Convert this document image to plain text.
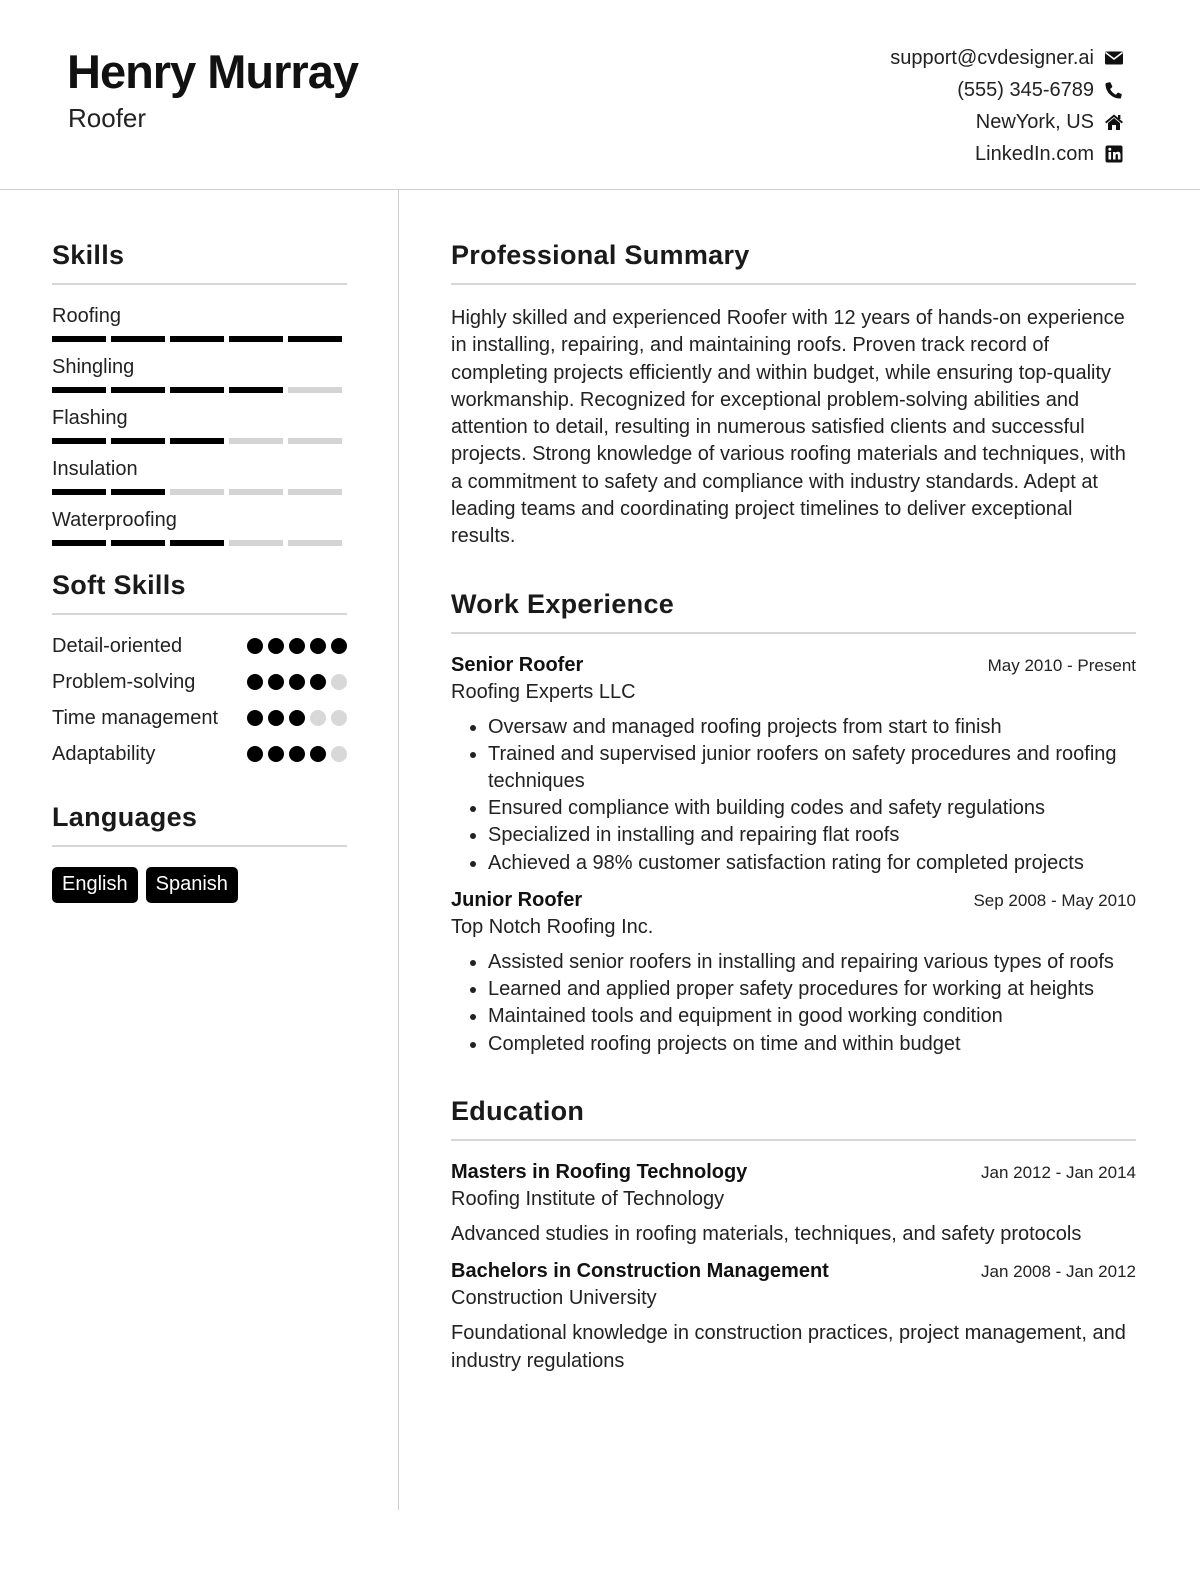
Henry Murray
Roofer
support@cvdesigner.ai
(555) 345-6789
NewYork, US
LinkedIn.com
Skills
Roofing
Shingling
Flashing
Insulation
Waterproofing
Soft Skills
Detail-oriented
Problem-solving
Time management
Adaptability
Languages
English	Spanish
Professional Summary

Highly skilled and experienced Roofer with 12 years of hands-on experience in installing, repairing, and maintaining roofs. Proven track record of completing projects efficiently and within budget, while ensuring top-quality workmanship. Recognized for exceptional problem-solving abilities and attention to detail, resulting in numerous satisfied clients and successful projects. Strong knowledge of various roofing materials and techniques, with a commitment to safety and compliance with industry standards. Adept at leading teams and coordinating project timelines to deliver exceptional results.

Work Experience
Senior Roofer	May 2010 - Present
Roofing Experts LLC
• Oversaw and managed roofing projects from start to finish
• Trained and supervised junior roofers on safety procedures and roofing techniques
• Ensured compliance with building codes and safety regulations
• Specialized in installing and repairing flat roofs
• Achieved a 98% customer satisfaction rating for completed projects
Junior Roofer	Sep 2008 - May 2010
Top Notch Roofing Inc.
• Assisted senior roofers in installing and repairing various types of roofs
• Learned and applied proper safety procedures for working at heights
• Maintained tools and equipment in good working condition
• Completed roofing projects on time and within budget
Education
Masters in Roofing Technology	Jan 2012 - Jan 2014
Roofing Institute of Technology
Advanced studies in roofing materials, techniques, and safety protocols
Bachelors in Construction Management	Jan 2008 - Jan 2012
Construction University
Foundational knowledge in construction practices, project management, and industry regulations
